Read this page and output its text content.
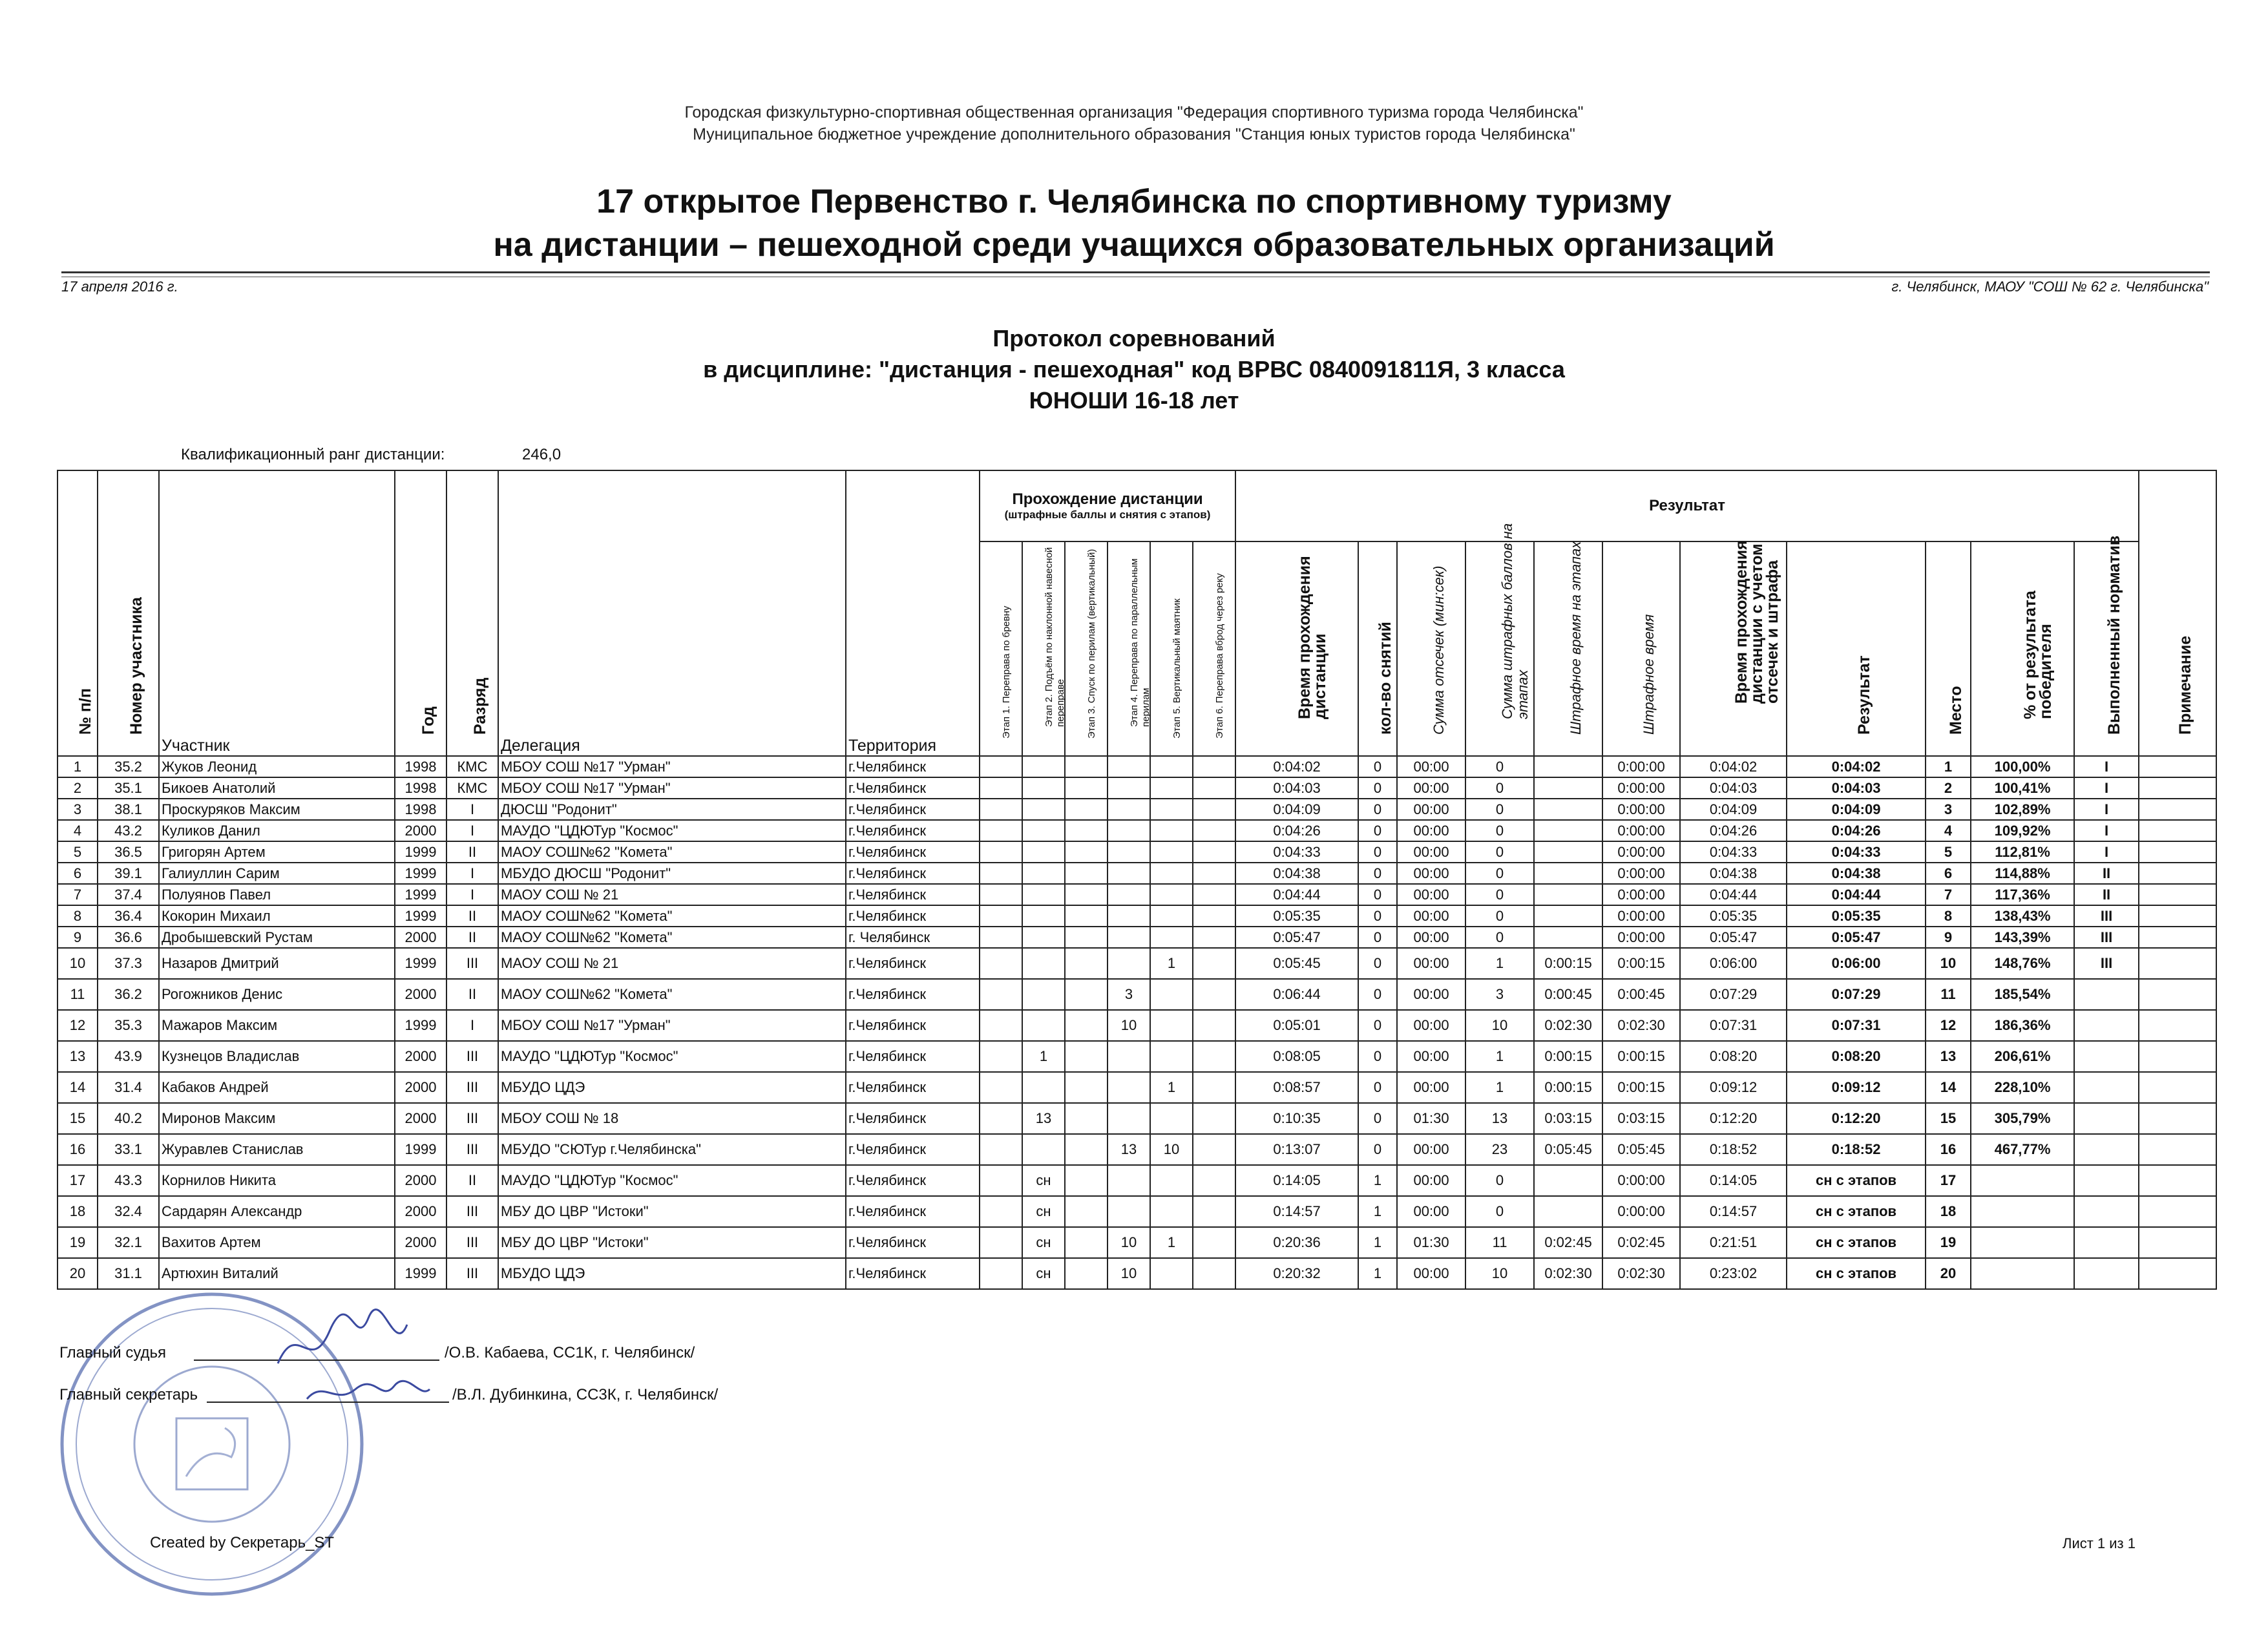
Городская физкультурно-спортивная общественная организация "Федерация спортивного туризма города Челябинска"
Муниципальное бюджетное учреждение дополнительного образования "Станция юных туристов города Челябинска"
17 открытое Первенство г. Челябинска по спортивному туризму
на дистанции – пешеходной среди учащихся образовательных организаций
17 апреля 2016 г.	г. Челябинск, МАОУ "СОШ № 62 г. Челябинска"
Протокол соревнований
в дисциплине: "дистанция - пешеходная" код ВРВС 0840091811Я, 3 класса
ЮНОШИ 16-18 лет
Квалификационный ранг дистанции:	246,0
№ п/п	Номер участника	Участник	Год	Разряд	Делегация	Территория	Прохождение дистанции
(штрафные баллы и снятия с этапов)						Результат											Примечание

							Этап 1. Переправа по бревну	Этап 2. Подъём по наклонной навесной переправе	Этап 3. Спуск по перилам (вертикальный)	Этап 4. Переправа по параллельным перилам	Этап 5. Вертикальный маятник	Этап 6. Переправа вброд через реку	Время прохождения дистанции	кол-во снятий	Сумма отсечек (мин:сек)	Сумма штрафных баллов на этапах	Штрафное время на этапах	Штрафное время	Время прохождения дистанции с учетом отсечек и штрафа	Результат	Место	% от результата победителя	Выполненный норматив	

1	35.2	Жуков Леонид	1998	КМС	МБОУ СОШ №17 "Урман"	г.Челябинск							0:04:02	0	00:00	0		0:00:00	0:04:02	0:04:02	1	100,00%	I	
2	35.1	Бикоев Анатолий	1998	КМС	МБОУ СОШ №17 "Урман"	г.Челябинск							0:04:03	0	00:00	0		0:00:00	0:04:03	0:04:03	2	100,41%	I	
3	38.1	Проскуряков Максим	1998	I	ДЮСШ "Родонит"	г.Челябинск							0:04:09	0	00:00	0		0:00:00	0:04:09	0:04:09	3	102,89%	I	
4	43.2	Куликов Данил	2000	I	МАУДО "ЦДЮТур "Космос"	г.Челябинск							0:04:26	0	00:00	0		0:00:00	0:04:26	0:04:26	4	109,92%	I	
5	36.5	Григорян Артем	1999	II	МАОУ СОШ№62 "Комета"	г.Челябинск							0:04:33	0	00:00	0		0:00:00	0:04:33	0:04:33	5	112,81%	I	
6	39.1	Галиуллин Сарим	1999	I	МБУДО ДЮСШ "Родонит"	г.Челябинск							0:04:38	0	00:00	0		0:00:00	0:04:38	0:04:38	6	114,88%	II	
7	37.4	Полуянов Павел	1999	I	МАОУ СОШ № 21	г.Челябинск							0:04:44	0	00:00	0		0:00:00	0:04:44	0:04:44	7	117,36%	II	
8	36.4	Кокорин Михаил	1999	II	МАОУ СОШ№62 "Комета"	г.Челябинск							0:05:35	0	00:00	0		0:00:00	0:05:35	0:05:35	8	138,43%	III	
9	36.6	Дробышевский Рустам	2000	II	МАОУ СОШ№62 "Комета"	г. Челябинск							0:05:47	0	00:00	0		0:00:00	0:05:47	0:05:47	9	143,39%	III	
10	37.3	Назаров Дмитрий	1999	III	МАОУ СОШ № 21	г.Челябинск					1		0:05:45	0	00:00	1	0:00:15	0:00:15	0:06:00	0:06:00	10	148,76%	III	
11	36.2	Рогожников Денис	2000	II	МАОУ СОШ№62 "Комета"	г.Челябинск				3			0:06:44	0	00:00	3	0:00:45	0:00:45	0:07:29	0:07:29	11	185,54%		
12	35.3	Мажаров Максим	1999	I	МБОУ СОШ №17 "Урман"	г.Челябинск				10			0:05:01	0	00:00	10	0:02:30	0:02:30	0:07:31	0:07:31	12	186,36%		
13	43.9	Кузнецов Владислав	2000	III	МАУДО "ЦДЮТур "Космос"	г.Челябинск		1					0:08:05	0	00:00	1	0:00:15	0:00:15	0:08:20	0:08:20	13	206,61%		
14	31.4	Кабаков Андрей	2000	III	МБУДО ЦДЭ	г.Челябинск					1		0:08:57	0	00:00	1	0:00:15	0:00:15	0:09:12	0:09:12	14	228,10%		
15	40.2	Миронов Максим	2000	III	МБОУ СОШ № 18	г.Челябинск		13					0:10:35	0	01:30	13	0:03:15	0:03:15	0:12:20	0:12:20	15	305,79%		
16	33.1	Журавлев Станислав	1999	III	МБУДО "СЮТур г.Челябинска"	г.Челябинск				13	10		0:13:07	0	00:00	23	0:05:45	0:05:45	0:18:52	0:18:52	16	467,77%		
17	43.3	Корнилов Никита	2000	II	МАУДО "ЦДЮТур "Космос"	г.Челябинск		сн					0:14:05	1	00:00	0		0:00:00	0:14:05	сн с этапов	17			
18	32.4	Сардарян Александр	2000	III	МБУ ДО ЦВР "Истоки"	г.Челябинск		сн					0:14:57	1	00:00	0		0:00:00	0:14:57	сн с этапов	18			
19	32.1	Вахитов Артем	2000	III	МБУ ДО ЦВР "Истоки"	г.Челябинск		сн		10	1		0:20:36	1	01:30	11	0:02:45	0:02:45	0:21:51	сн с этапов	19			
20	31.1	Артюхин Виталий	1999	III	МБУДО ЦДЭ	г.Челябинск		сн		10			0:20:32	1	00:00	10	0:02:30	0:02:30	0:23:02	сн с этапов	20			
Главный судья	/О.В. Кабаева, СС1К, г. Челябинск/
Главный секретарь	/В.Л. Дубинкина, СС3К, г. Челябинск/
Created by Секретарь_ST	Лист 1 из 1
